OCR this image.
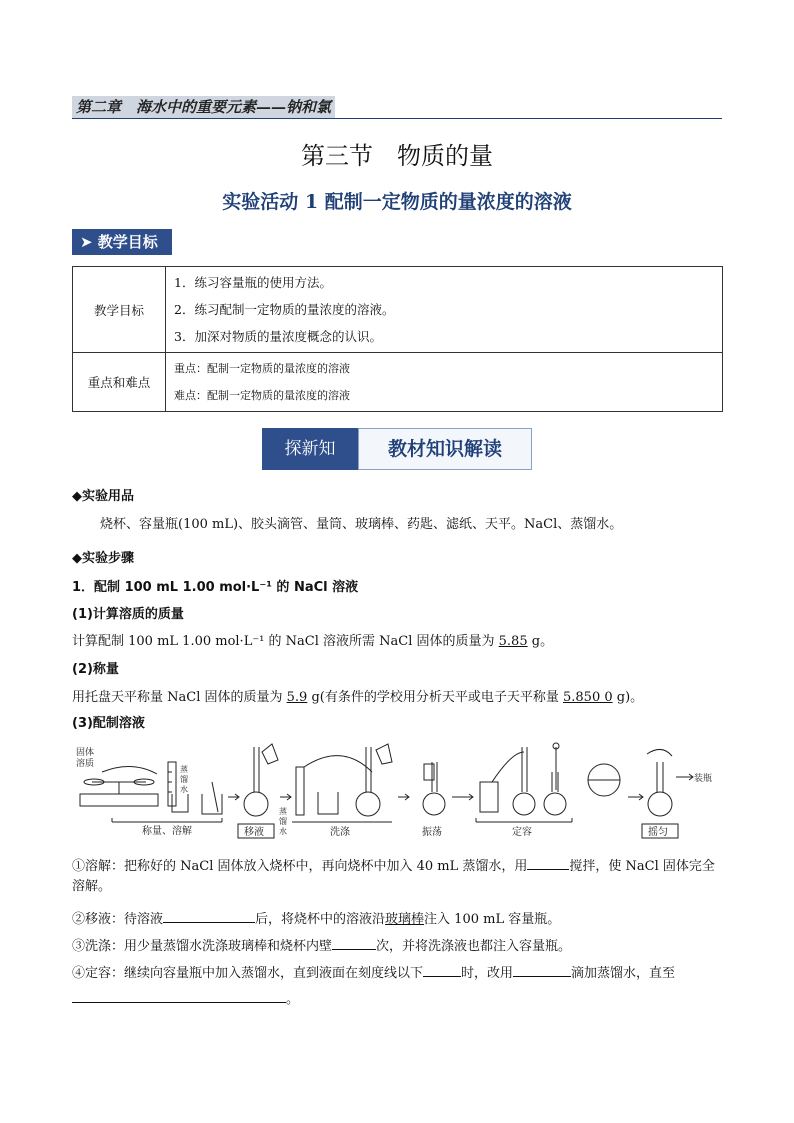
第二章　海水中的重要元素——钠和氯
第三节　物质的量
实验活动 1 配制一定物质的量浓度的溶液
➤ 教学目标
教学目标	1．练习容量瓶的使用方法。
2．练习配制一定物质的量浓度的溶液。
3．加深对物质的量浓度概念的认识。

重点和难点	重点：配制一定物质的量浓度的溶液
难点：配制一定物质的量浓度的溶液
探新知	教材知识解读
◆实验用品
烧杯、容量瓶(100 mL)、胶头滴管、量筒、玻璃棒、药匙、滤纸、天平。NaCl、蒸馏水。
◆实验步骤
1．配制 100 mL 1.00 mol·L⁻¹ 的 NaCl 溶液
(1)计算溶质的质量
计算配制 100 mL 1.00 mol·L⁻¹ 的 NaCl 溶液所需 NaCl 固体的质量为 5.85 g。
(2)称量
用托盘天平称量 NaCl 固体的质量为 5.9 g(有条件的学校用分析天平或电子天平称量 5.850 0 g)。
(3)配制溶液
固体
溶质
蒸
馏
水
称量、溶解	移液
蒸
馏
水	洗涤	振荡	定容
装瓶
摇匀
①溶解：把称好的 NaCl 固体放入烧杯中，再向烧杯中加入 40 mL 蒸馏水，用	搅拌，使 NaCl 固体完全溶解。
②移液：待溶液	后，将烧杯中的溶液沿玻璃棒注入 100 mL 容量瓶。
③洗涤：用少量蒸馏水洗涤玻璃棒和烧杯内壁	次，并将洗涤液也都注入容量瓶。
④定容：继续向容量瓶中加入蒸馏水，直到液面在刻度线以下	时，改用	滴加蒸馏水，直至
。
